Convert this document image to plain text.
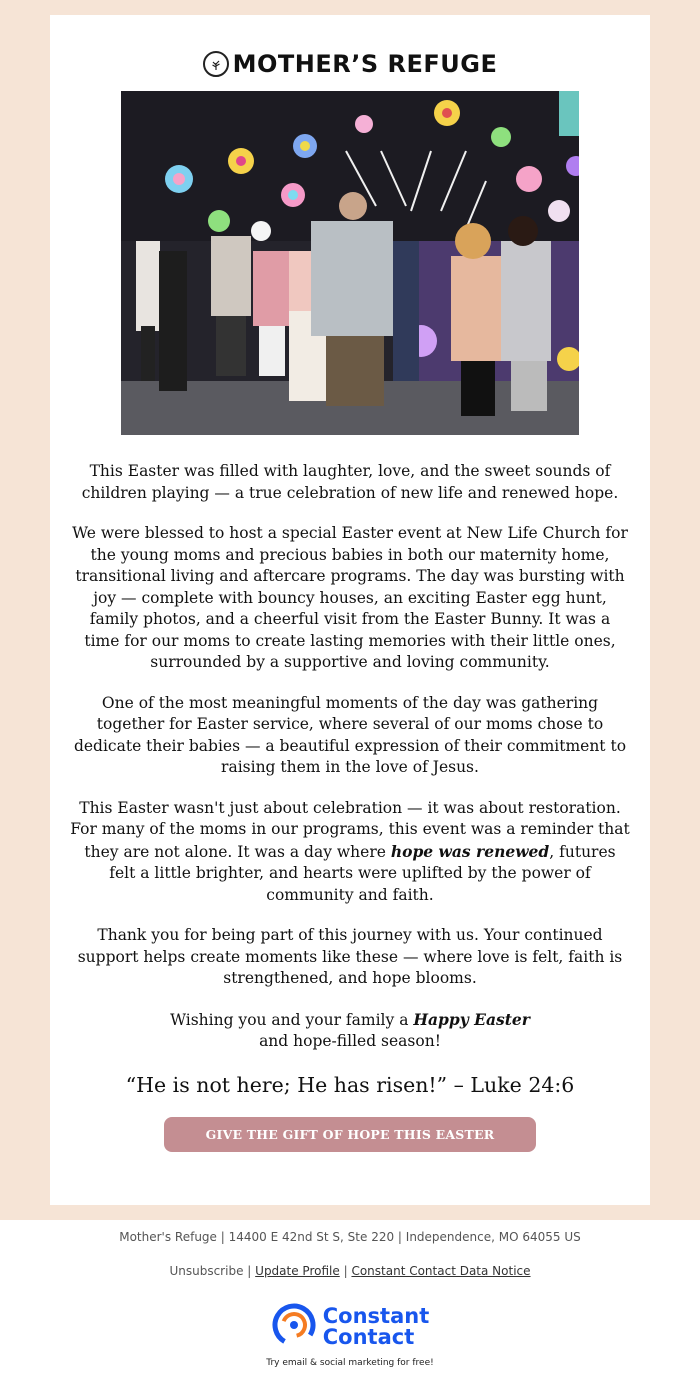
MOTHER’S REFUGE

This Easter was filled with laughter, love, and the sweet sounds of children playing — a true celebration of new life and renewed hope.

We were blessed to host a special Easter event at New Life Church for the young moms and precious babies in both our maternity home, transitional living and aftercare programs. The day was bursting with joy — complete with bouncy houses, an exciting Easter egg hunt, family photos, and a cheerful visit from the Easter Bunny. It was a time for our moms to create lasting memories with their little ones, surrounded by a supportive and loving community.

One of the most meaningful moments of the day was gathering together for Easter service, where several of our moms chose to dedicate their babies — a beautiful expression of their commitment to raising them in the love of Jesus.

This Easter wasn't just about celebration — it was about restoration. For many of the moms in our programs, this event was a reminder that they are not alone. It was a day where hope was renewed, futures felt a little brighter, and hearts were uplifted by the power of community and faith.

Thank you for being part of this journey with us. Your continued support helps create moments like these — where love is felt, faith is strengthened, and hope blooms.

Wishing you and your family a Happy Easter and hope-filled season!

“He is not here; He has risen!” – Luke 24:6

GIVE THE GIFT OF HOPE THIS EASTER
Mother's Refuge | 14400 E 42nd St S, Ste 220 | Independence, MO 64055 US
Unsubscribe | Update Profile | Constant Contact Data Notice
Constant
Contact
Try email & social marketing for free!
